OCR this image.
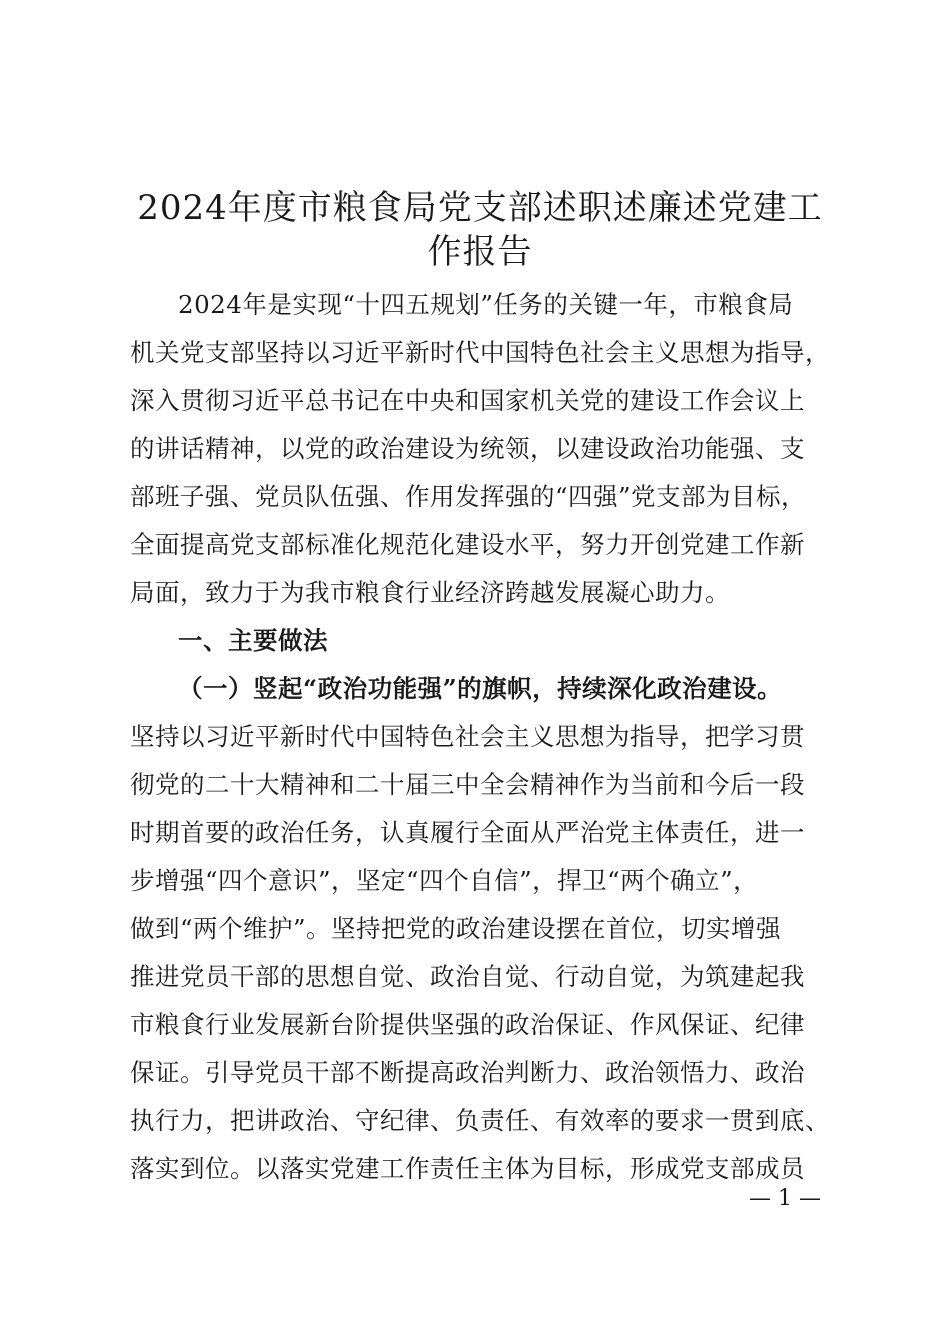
2024年度市粮食局党支部述职述廉述党建工
作报告
2024年是实现“十四五规划”任务的关键一年，市粮食局
机关党支部坚持以习近平新时代中国特色社会主义思想为指导，
深入贯彻习近平总书记在中央和国家机关党的建设工作会议上
的讲话精神，以党的政治建设为统领，以建设政治功能强、支
部班子强、党员队伍强、作用发挥强的“四强”党支部为目标，
全面提高党支部标准化规范化建设水平，努力开创党建工作新
局面，致力于为我市粮食行业经济跨越发展凝心助力。
一、主要做法
（一）竖起“政治功能强”的旗帜，持续深化政治建设。
坚持以习近平新时代中国特色社会主义思想为指导，把学习贯
彻党的二十大精神和二十届三中全会精神作为当前和今后一段
时期首要的政治任务，认真履行全面从严治党主体责任，进一
步增强“四个意识”，坚定“四个自信”，捍卫“两个确立”，
做到“两个维护”。坚持把党的政治建设摆在首位，切实增强
推进党员干部的思想自觉、政治自觉、行动自觉，为筑建起我
市粮食行业发展新台阶提供坚强的政治保证、作风保证、纪律
保证。引导党员干部不断提高政治判断力、政治领悟力、政治
执行力，把讲政治、守纪律、负责任、有效率的要求一贯到底、
落实到位。以落实党建工作责任主体为目标，形成党支部成员
— 1 —
